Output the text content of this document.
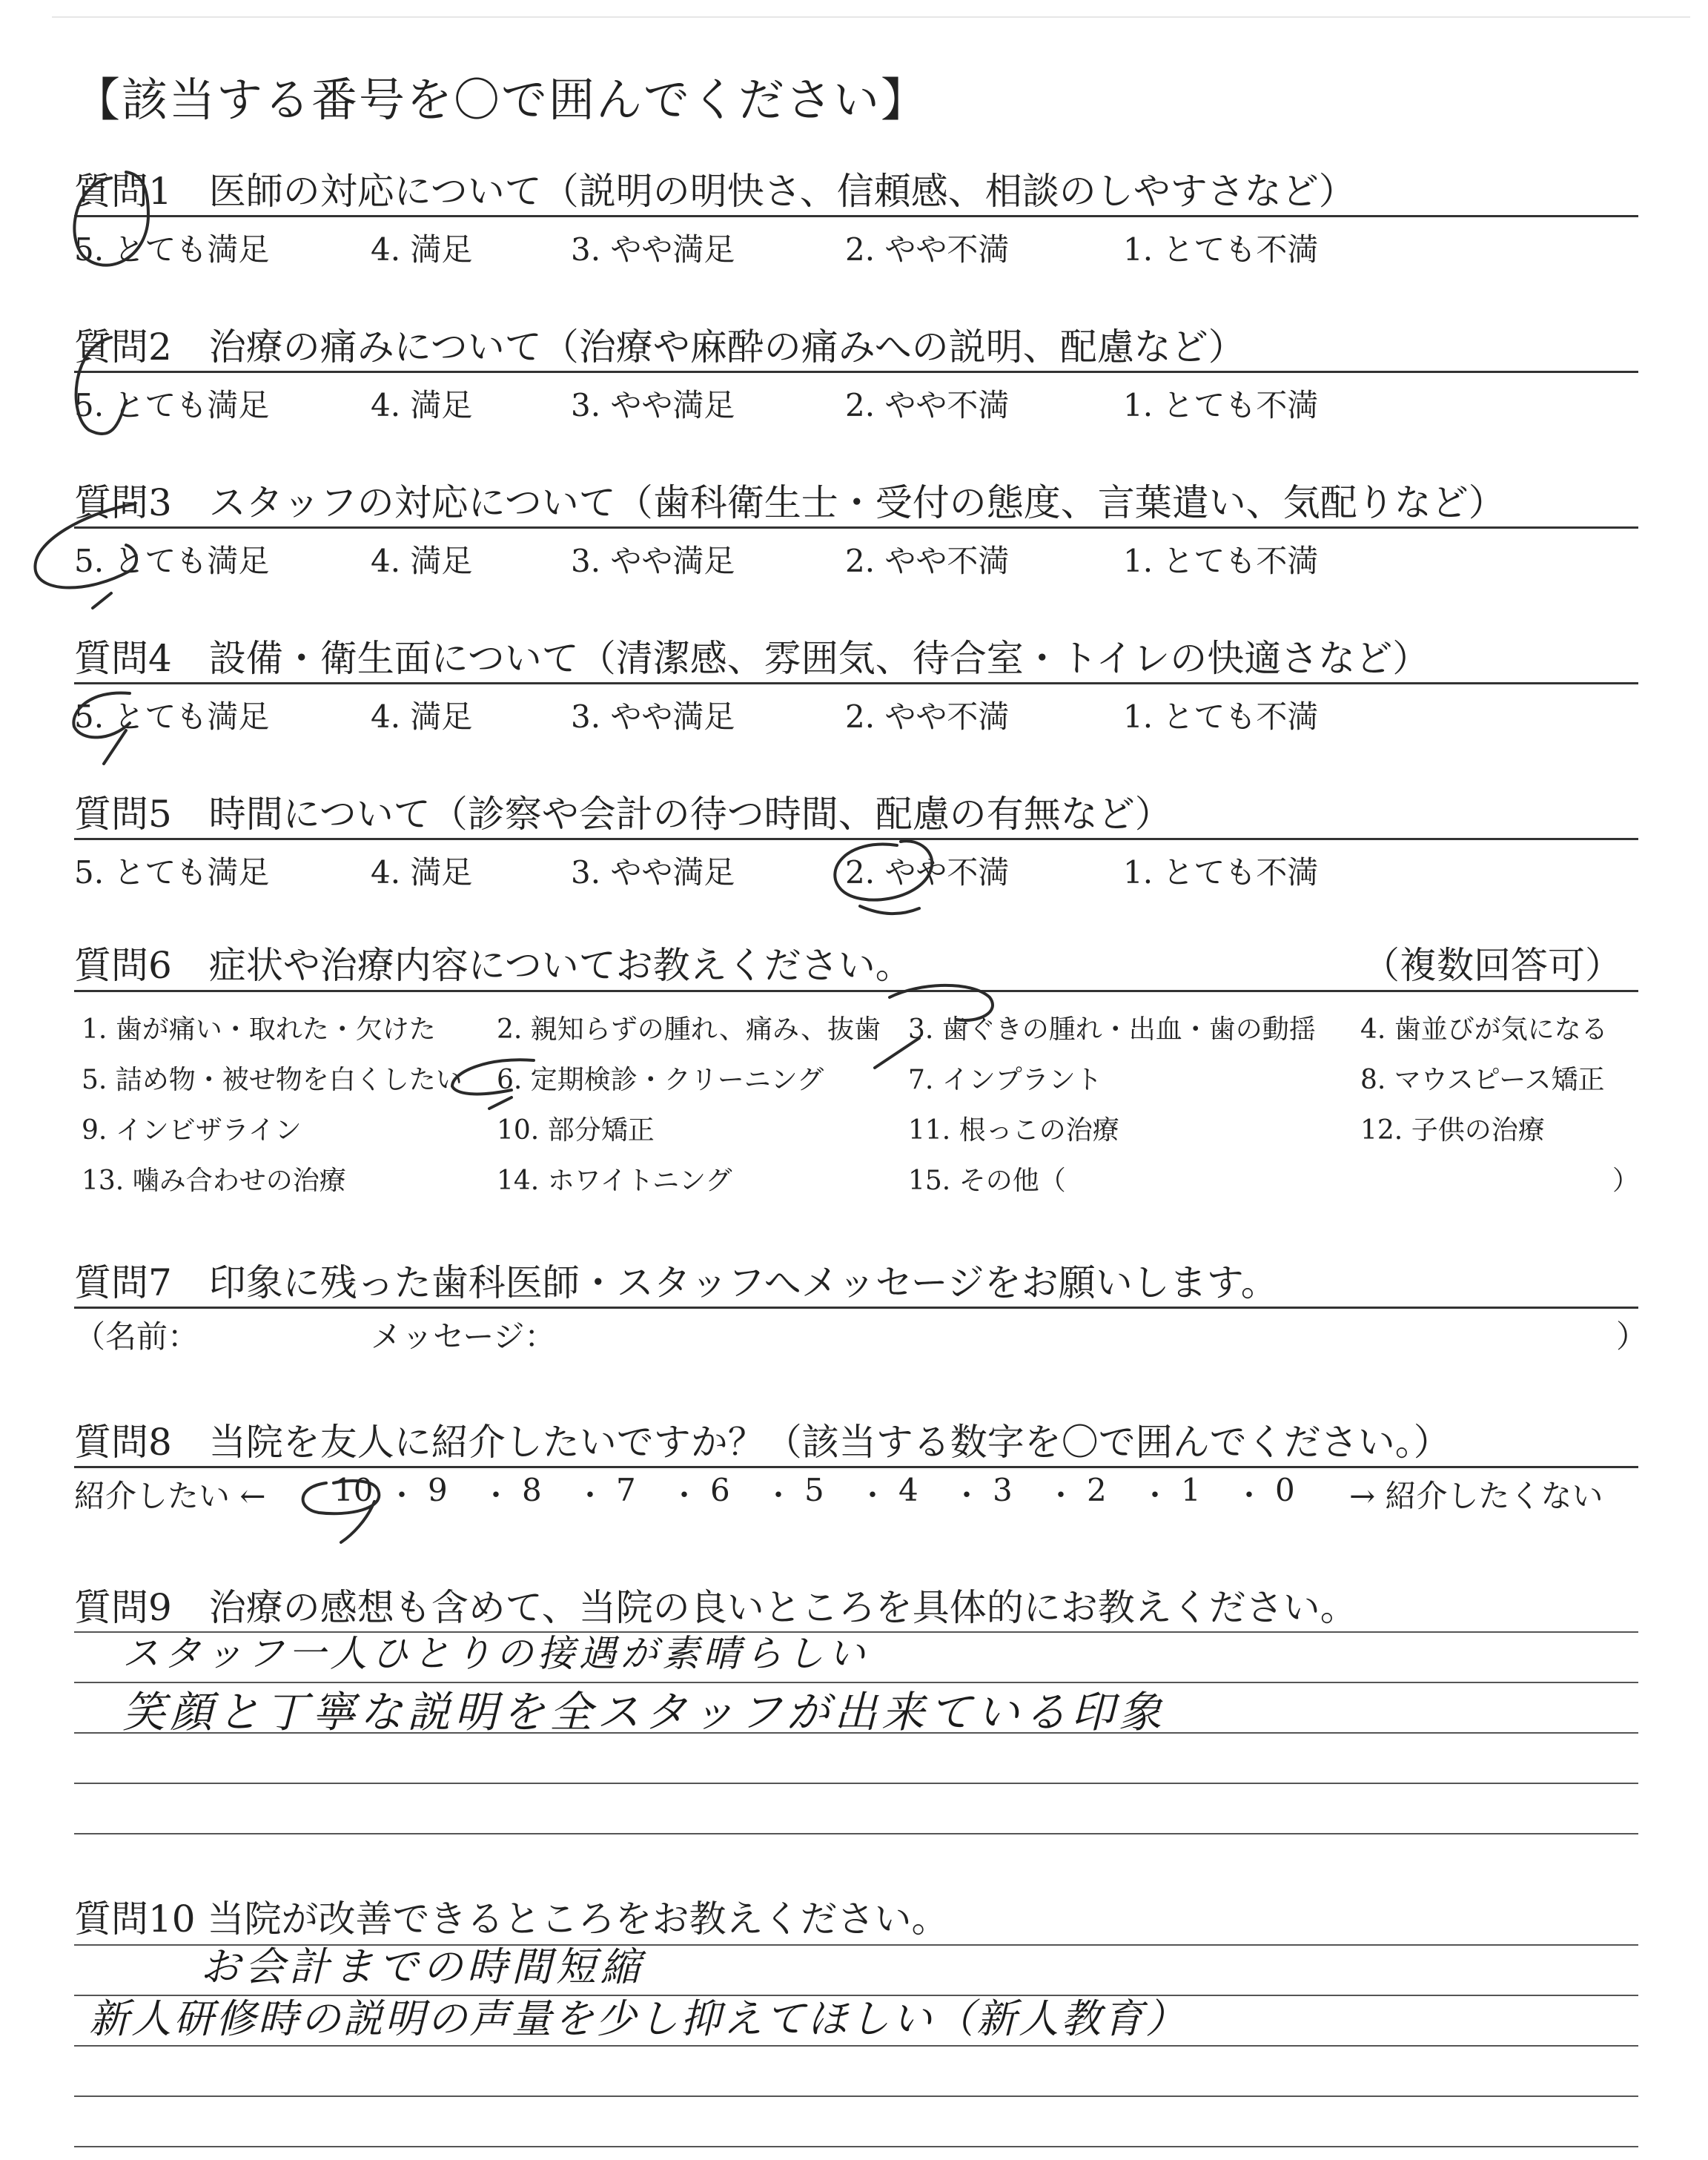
【該当する番号を〇で囲んでください】
質問1　医師の対応について（説明の明快さ、信頼感、相談のしやすさなど）
5. とても満足	4. 満足	3. やや満足	2. やや不満	1. とても不満
質問2　治療の痛みについて（治療や麻酔の痛みへの説明、配慮など）
5. とても満足	4. 満足	3. やや満足	2. やや不満	1. とても不満
質問3　スタッフの対応について（歯科衛生士・受付の態度、言葉遣い、気配りなど）
5. とても満足	4. 満足	3. やや満足	2. やや不満	1. とても不満
質問4　設備・衛生面について（清潔感、雰囲気、待合室・トイレの快適さなど）
5. とても満足	4. 満足	3. やや満足	2. やや不満	1. とても不満
質問5　時間について（診察や会計の待つ時間、配慮の有無など）
5. とても満足	4. 満足	3. やや満足	2. やや不満	1. とても不満
質問6　症状や治療内容についてお教えください。	（複数回答可）
1. 歯が痛い・取れた・欠けた 2. 親知らずの腫れ、痛み、抜歯 3. 歯ぐきの腫れ・出血・歯の動揺 4. 歯並びが気になる
5. 詰め物・被せ物を白くしたい 6. 定期検診・クリーニング	7. インプラント	8. マウスピース矯正
9. インビザライン	10. 部分矯正	11. 根っこの治療	12. 子供の治療
13. 噛み合わせの治療	14. ホワイトニング	15. その他（	）
質問7　印象に残った歯科医師・スタッフへメッセージをお願いします。
（名前：	メッセージ：	）
質問8　当院を友人に紹介したいですか？（該当する数字を〇で囲んでください。）
紹介したい ← 10 ・ 9 ・ 8 ・ 7 ・ 6 ・ 5 ・ 4 ・ 3 ・ 2 ・ 1 ・ 0 → 紹介したくない
質問9　治療の感想も含めて、当院の良いところを具体的にお教えください。
スタッフ一人ひとりの接遇が素晴らしい
笑顔と丁寧な説明を全スタッフが出来ている印象
質問10 当院が改善できるところをお教えください。
お会計までの時間短縮
新人研修時の説明の声量を少し抑えてほしい（新人教育）
